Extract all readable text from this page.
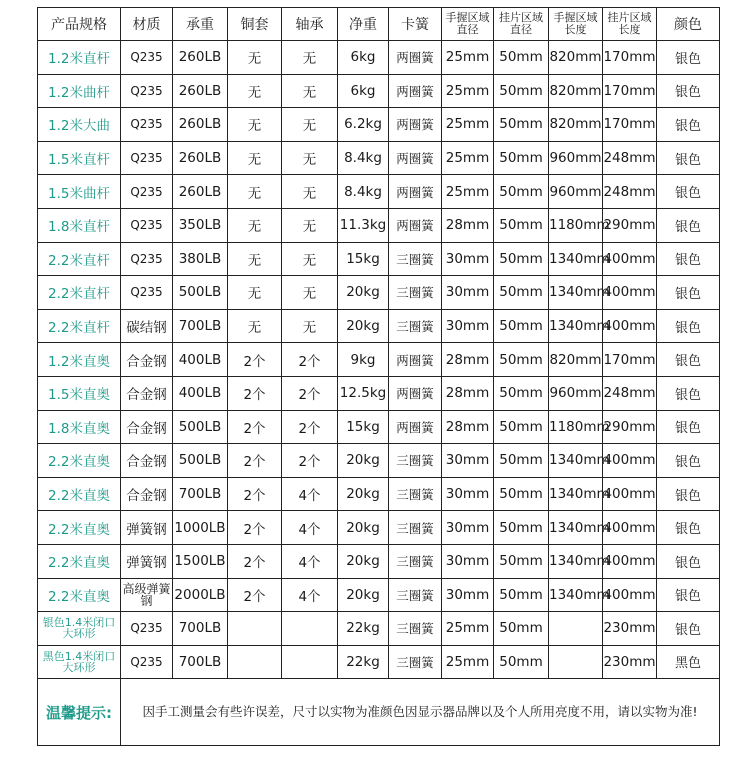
产品规格	材质	承重	铜套	轴承	净重	卡簧	手握区域直径	挂片区域直径	手握区域长度	挂片区域长度	颜色
1.2米直杆	Q235	260LB	无	无	6kg	两圈簧	25mm	50mm	820mm	170mm	银色
1.2米曲杆	Q235	260LB	无	无	6kg	两圈簧	25mm	50mm	820mm	170mm	银色
1.2米大曲	Q235	260LB	无	无	6.2kg	两圈簧	25mm	50mm	820mm	170mm	银色
1.5米直杆	Q235	260LB	无	无	8.4kg	两圈簧	25mm	50mm	960mm	248mm	银色
1.5米曲杆	Q235	260LB	无	无	8.4kg	两圈簧	25mm	50mm	960mm	248mm	银色
1.8米直杆	Q235	350LB	无	无	11.3kg	两圈簧	28mm	50mm	1180mm	290mm	银色
2.2米直杆	Q235	380LB	无	无	15kg	三圈簧	30mm	50mm	1340mm	400mm	银色
2.2米直杆	Q235	500LB	无	无	20kg	三圈簧	30mm	50mm	1340mm	400mm	银色
2.2米直杆	碳结钢	700LB	无	无	20kg	三圈簧	30mm	50mm	1340mm	400mm	银色
1.2米直奥	合金钢	400LB	2个	2个	9kg	两圈簧	28mm	50mm	820mm	170mm	银色
1.5米直奥	合金钢	400LB	2个	2个	12.5kg	两圈簧	28mm	50mm	960mm	248mm	银色
1.8米直奥	合金钢	500LB	2个	2个	15kg	两圈簧	28mm	50mm	1180mm	290mm	银色
2.2米直奥	合金钢	500LB	2个	2个	20kg	三圈簧	30mm	50mm	1340mm	400mm	银色
2.2米直奥	合金钢	700LB	2个	4个	20kg	三圈簧	30mm	50mm	1340mm	400mm	银色
2.2米直奥	弹簧钢	1000LB	2个	4个	20kg	三圈簧	30mm	50mm	1340mm	400mm	银色
2.2米直奥	弹簧钢	1500LB	2个	4个	20kg	三圈簧	30mm	50mm	1340mm	400mm	银色
2.2米直奥	高级弹簧钢	2000LB	2个	4个	20kg	三圈簧	30mm	50mm	1340mm	400mm	银色
银色1.4米闭口大环形	Q235	700LB			22kg	三圈簧	25mm	50mm		230mm	银色
黑色1.4米闭口大环形	Q235	700LB			22kg	三圈簧	25mm	50mm		230mm	黑色
温馨提示:	因手工测量会有些许误差，尺寸以实物为准颜色因显示器品牌以及个人所用亮度不用，请以实物为准!										
